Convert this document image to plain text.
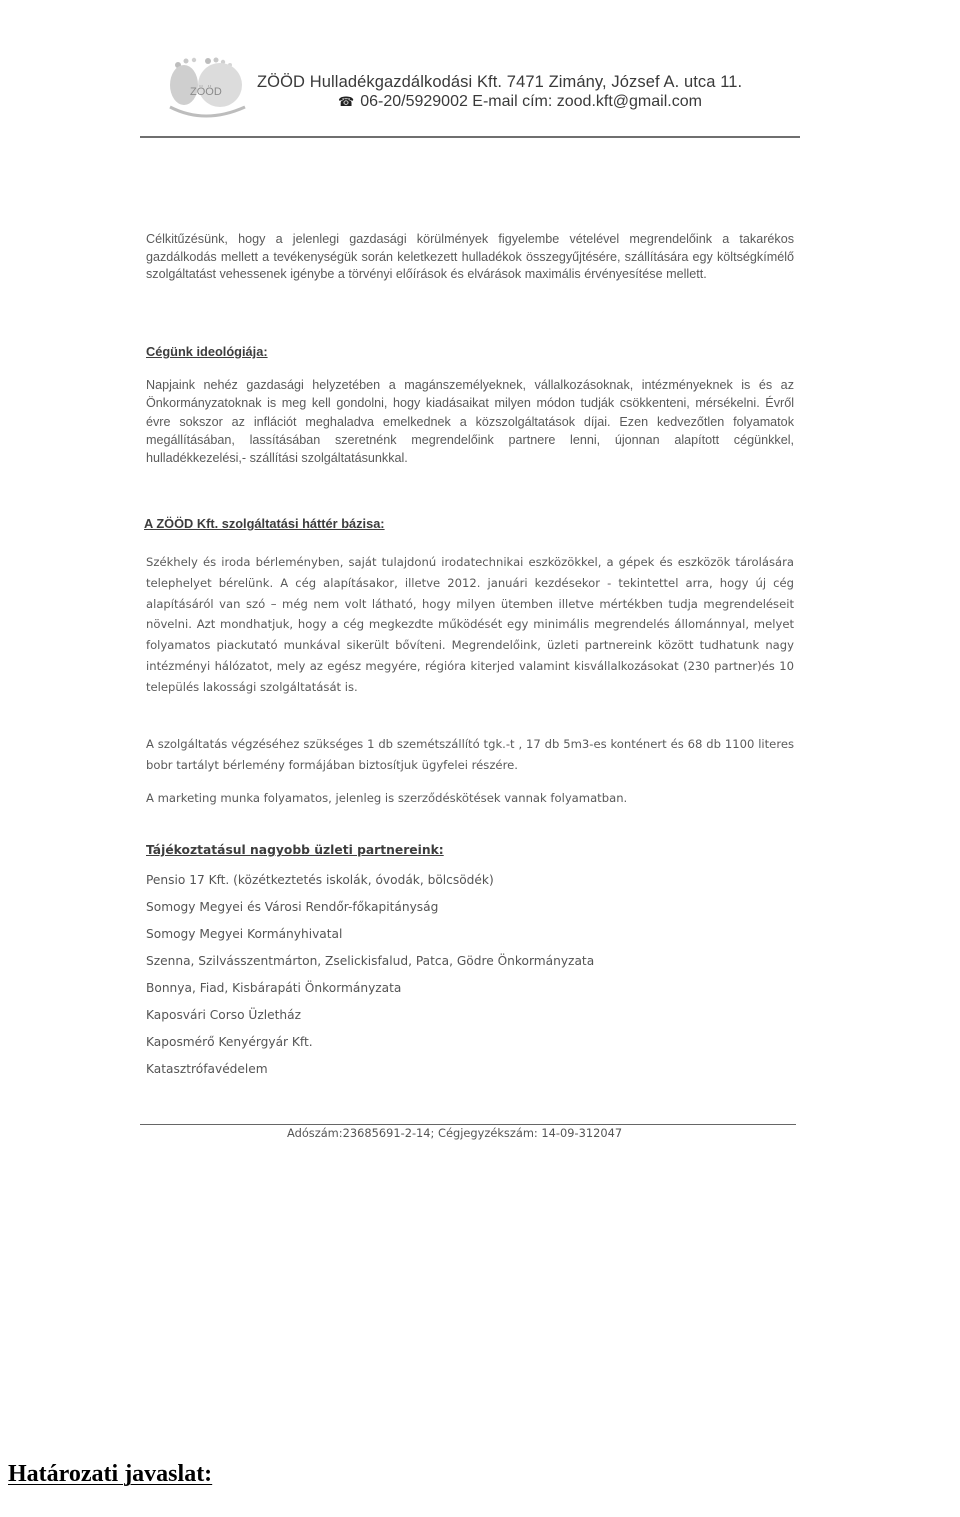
ZÖÖD
ZÖÖD Hulladékgazdálkodási Kft. 7471 Zimány, József A. utca 11.
☎ 06-20/5929002 E-mail cím: zood.kft@gmail.com

Célkitűzésünk, hogy a jelenlegi gazdasági körülmények figyelembe vételével megrendelőink a takarékos gazdálkodás mellett a tevékenységük során keletkezett hulladékok összegyűjtésére, szállítására egy költségkímélő szolgáltatást vehessenek igénybe a törvényi előírások és elvárások maximális érvényesítése mellett.

Cégünk ideológiája:

Napjaink nehéz gazdasági helyzetében a magánszemélyeknek, vállalkozásoknak, intézményeknek is és az Önkormányzatoknak is meg kell gondolni, hogy kiadásaikat milyen módon tudják csökkenteni, mérsékelni. Évről évre sokszor az inflációt meghaladva emelkednek a közszolgáltatások díjai. Ezen kedvezőtlen folyamatok megállításában, lassításában szeretnénk megrendelőink partnere lenni, újonnan alapított cégünkkel, hulladékkezelési,- szállítási szolgáltatásunkkal.

A ZÖÖD Kft. szolgáltatási háttér bázisa:

Székhely és iroda bérleményben, saját tulajdonú irodatechnikai eszközökkel, a gépek és eszközök tárolására telephelyet bérelünk. A cég alapításakor, illetve 2012. januári kezdésekor - tekintettel arra, hogy új cég alapításáról van szó – még nem volt látható, hogy milyen ütemben illetve mértékben tudja megrendeléseit növelni. Azt mondhatjuk, hogy a cég megkezdte működését egy minimális megrendelés állománnyal, melyet folyamatos piackutató munkával sikerült bővíteni. Megrendelőink, üzleti partnereink között tudhatunk nagy intézményi hálózatot, mely az egész megyére, régióra kiterjed valamint kisvállalkozásokat (230 partner)és 10 település lakossági szolgáltatását is.

A szolgáltatás végzéséhez szükséges 1 db szemétszállító tgk.-t , 17 db 5m3-es konténert és 68 db 1100 literes bobr tartályt bérlemény formájában biztosítjuk ügyfelei részére.

A marketing munka folyamatos, jelenleg is szerződéskötések vannak folyamatban.

Tájékoztatásul nagyobb üzleti partnereink:

Pensio 17 Kft. (közétkeztetés iskolák, óvodák, bölcsödék)
Somogy Megyei és Városi Rendőr-főkapitányság
Somogy Megyei Kormányhivatal
Szenna, Szilvásszentmárton, Zselickisfalud, Patca, Gödre Önkormányzata
Bonnya, Fiad, Kisbárapáti Önkormányzata
Kaposvári Corso Üzletház
Kaposmérő Kenyérgyár Kft.
Katasztrófavédelem
Adószám:23685691-2-14; Cégjegyzékszám: 14-09-312047
Határozati javaslat:
